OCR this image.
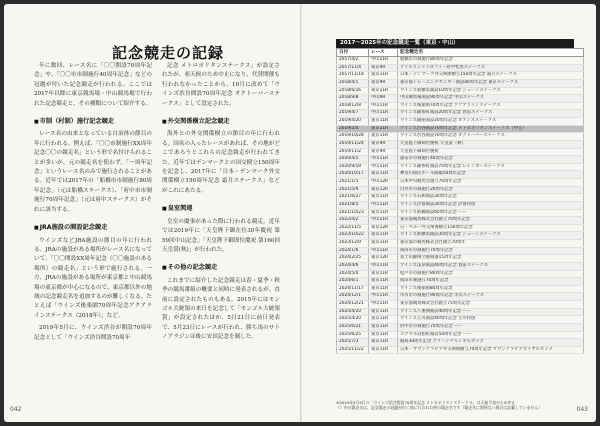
記念競走の記録

年に数回、レース名に「〇〇開設70周年記念」や、「〇〇市市制施行40周年記念」などの冠題が付いた記念競走が行われる。ここでは2017年以降に東京競馬場・中山競馬場で行われた記念競走と、その種類について紹介する。

■市制（村制）施行記念競走

レース名の由来となっている自治体の節目の年に行われる。例えば、「〇〇市制施行XX周年記念〇〇の競走名」という形で名付けられることが多いが、元の競走名を使わず、「一周年記念」というレース名のみで施行されることがある。近年では2017年の「船橋市市制施行80周年記念」（元は船橋ステークス）、「府中市市制施行70周年記念」（元は府中ステークス）がそれに該当する。

■JRA施設の開設記念競走

ウインズなどJRA施設の節目の年に行われる。JRAの施設がある場所がレース名になっていて、「〇〇開設XX周年記念（〇〇施設のある場所）の競走名」という形で施行される。一方、JRAの施設がある場所が東京都と中山競馬場の東京都が中心になるので、東京都以外の地域の記念競走名を追加するのが難しくなる。たとえば「ウインズ後楽園70周年記念アクアラインステークス（2018年）」など。

2019年5月に、ウインズ渋谷が開設70周年記念として「ウインズ渋谷開設70周年

記念 メトロポリタンステークス」が設定されたが、亜天候のため中止になり、代替開催も行われなかったことから、10月に改めて「ウインズ渋谷開設70周年記念 オクトーバーステークス」として設定された。

■外交関係樹立記念競走

海外との外交関係樹立の節目の年に行われる。国名の入ったレースがあれば、その地がどこであろうとこれらの記念競走が行われてきた。近年ではデンマークとの国交樹立150周年を記念し、2017年に「日本・デンマーク外交関係樹立150周年記念 霜月ステークス」などがこれにあたる。

■皇室関連

皇室の慶事があった際に行われる競走。近年では2019年に「天皇陛下御在位30年慶祝 第59回中山記念」「天皇陛下御即位慶祝 第160回天皇賞(秋)」が行われた。

■その他の記念競走

これまでに紹介した記念競走は春・夏季・秋季の競馬番組の概要と同時に発表されるが、直前に設定されたものもある。2015年にはモンゴル大統領の来日を記念して「モンゴル大統領賞」が設定されたほか、5月21日に前日発表で、5月23日にレースが行われ、勝ち馬のサトノアラジンは後に安田記念を制した。

042
2017～2025年の記念競走一覧（東京・中山）
日付	レース	記念競走名
2017/4/2	中山11R	船橋市市制施行80周年記念
2017/11/4	東京9R	アイルランドトロフィー府中牝馬ステークス
2017/11/18	東京11R	日本・デンマーク外交関係樹立150周年記念 霜月ステークス
2018/4/1	東京9R	東京都トレーニングセンター開設40周年記念 東京ステークス
2018/6/16	東京11R	ウインズ新横浜開設10周年記念 ジューンステークス
2018/9/8	中山9R	中山競馬場開設90周年記念 中山ステークス
2018/12/8	中山11R	ウインズ後楽園70周年記念 アクアラインステークス
2019/4/7	中山11R	ウインズ錦糸町開設20周年記念 春雷ステークス
2019/4/20	東京11R	ウインズ銀座開設20周年記念 オアシスステークス
2019/5/4	東京11R	ウインズ渋谷開設70周年記念 メトロポリタンステークス（中止）
2019/10/28	東京11R	ウインズ渋谷開設70周年記念 オクトーバーステークス
2019/11/24	東京9R	天皇陛下御即位慶祝 天皇賞（秋）
2019/11/2	東京9R	天皇陛下御即位慶祝
2020/4/5	中山11R	浦安市市制施行40周年記念
2020/9/19	中山11R	ウインズ錦糸町開設70周年記念 レインボーステークス
2020/10/17	東京11R	神奈川県民ホール開館50周年記念
2021/1/5	中山12R	日本中央競馬会創立70周年記念
2021/5/9	東京12R	白井市市制施行20周年記念
2021/6/27	東京11R	ウインズ石和開設30周年記念
2021/8/5	中山11R	ウインズ汐留開設30周年記念 汐留特別
2021/10/23	東京11R	ウインズ新橋開設60周年記念 ーー
2022/4/2	中山11R	東京都競馬株式会社創立70周年記念
2022/11/5	東京12R	日・ペルー外交関係樹立150周年記念
2023/10/22	東京11R	ウインズ新横浜開設30周年記念 ジューンステークス
2023/12/9	東京11R	東京都市競馬株式会社創立70周年
2024/1/6	中山11R	成田市市制施行70周年記念
2024/2/25	東京12R	富士山静岡空港開港15周年記念
2024/4/6	中山11R	ウインズ浅草開設40周年記念 春雷ステークス
2024/5/4	東京11R	松戸市市制施行80周年記念
2024/6/1	東京11R	成田市制施行70周年記念
2024/11/17	東京11R	ウインズ後楽園80周年記念
2024/12/1	中山11R	市川市市制施行90周年記念 市川ステークス
2024/12/21	中山11R	東京都競馬株式会社創立75周年記念
2025/4/20	東京11R	ウインズ八重洲開設40周年記念 ーー
2025/4/20	東京11R	ウインズ立川開設40周年記念 立川特別
2025/6/21	東京11R	府中市市制施行70周年記念 ーー
2025/6/25	東京11R	エクセル浜松町開設50周年記念 ーー
2025/7/3	東京11R	開局30周年記念 グリーンチャンネルカップ
2025/11/22	東京11R	日本・サウジアラビア外交関係樹立70周年記念 サウジアラビアロイヤルカップ
※2019年5月4日の「ウインズ渋谷開設70周年記念 メトロポリタンステークス」は天候不良のため中止
（）内の競走名は、記念競走の冠題が付く前に行われた時の競走名です（競走名に関係ない場合は記載していません）	043
